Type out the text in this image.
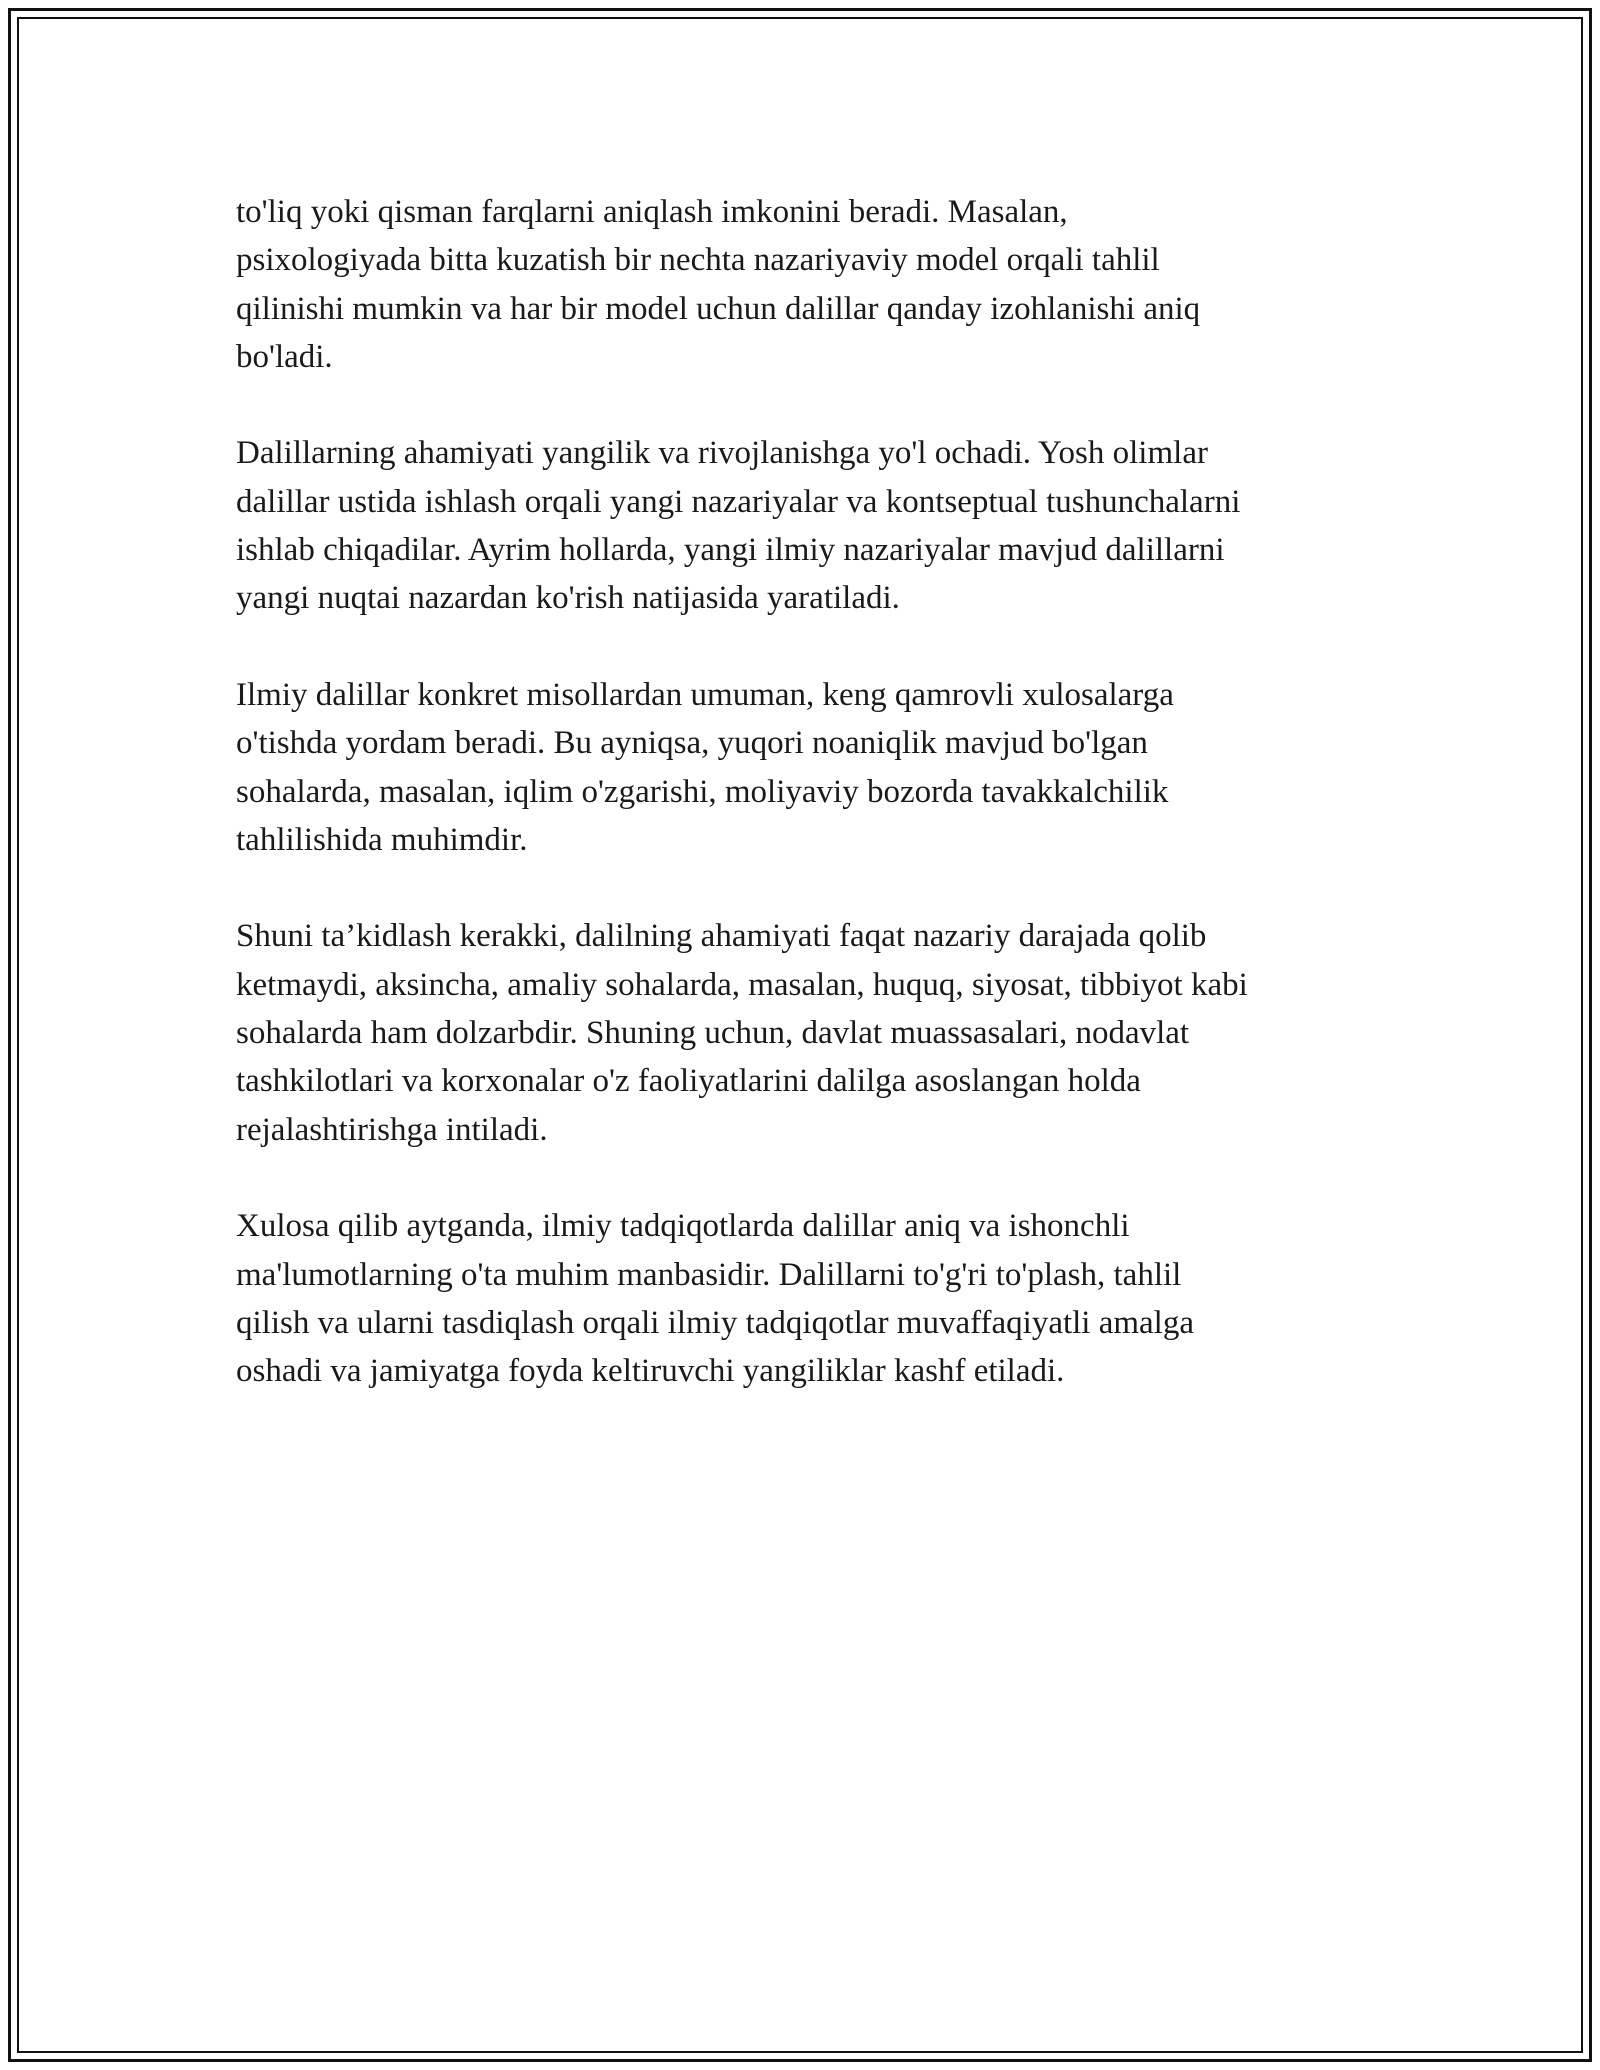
to'liq yoki qisman farqlarni aniqlash imkonini beradi. Masalan,
psixologiyada bitta kuzatish bir nechta nazariyaviy model orqali tahlil
qilinishi mumkin va har bir model uchun dalillar qanday izohlanishi aniq
bo'ladi.

Dalillarning ahamiyati yangilik va rivojlanishga yo'l ochadi. Yosh olimlar
dalillar ustida ishlash orqali yangi nazariyalar va kontseptual tushunchalarni
ishlab chiqadilar. Ayrim hollarda, yangi ilmiy nazariyalar mavjud dalillarni
yangi nuqtai nazardan ko'rish natijasida yaratiladi.

Ilmiy dalillar konkret misollardan umuman, keng qamrovli xulosalarga
o'tishda yordam beradi. Bu ayniqsa, yuqori noaniqlik mavjud bo'lgan
sohalarda, masalan, iqlim o'zgarishi, moliyaviy bozorda tavakkalchilik
tahlilishida muhimdir.

Shuni ta’kidlash kerakki, dalilning ahamiyati faqat nazariy darajada qolib
ketmaydi, aksincha, amaliy sohalarda, masalan, huquq, siyosat, tibbiyot kabi
sohalarda ham dolzarbdir. Shuning uchun, davlat muassasalari, nodavlat
tashkilotlari va korxonalar o'z faoliyatlarini dalilga asoslangan holda
rejalashtirishga intiladi.

Xulosa qilib aytganda, ilmiy tadqiqotlarda dalillar aniq va ishonchli
ma'lumotlarning o'ta muhim manbasidir. Dalillarni to'g'ri to'plash, tahlil
qilish va ularni tasdiqlash orqali ilmiy tadqiqotlar muvaffaqiyatli amalga
oshadi va jamiyatga foyda keltiruvchi yangiliklar kashf etiladi.
